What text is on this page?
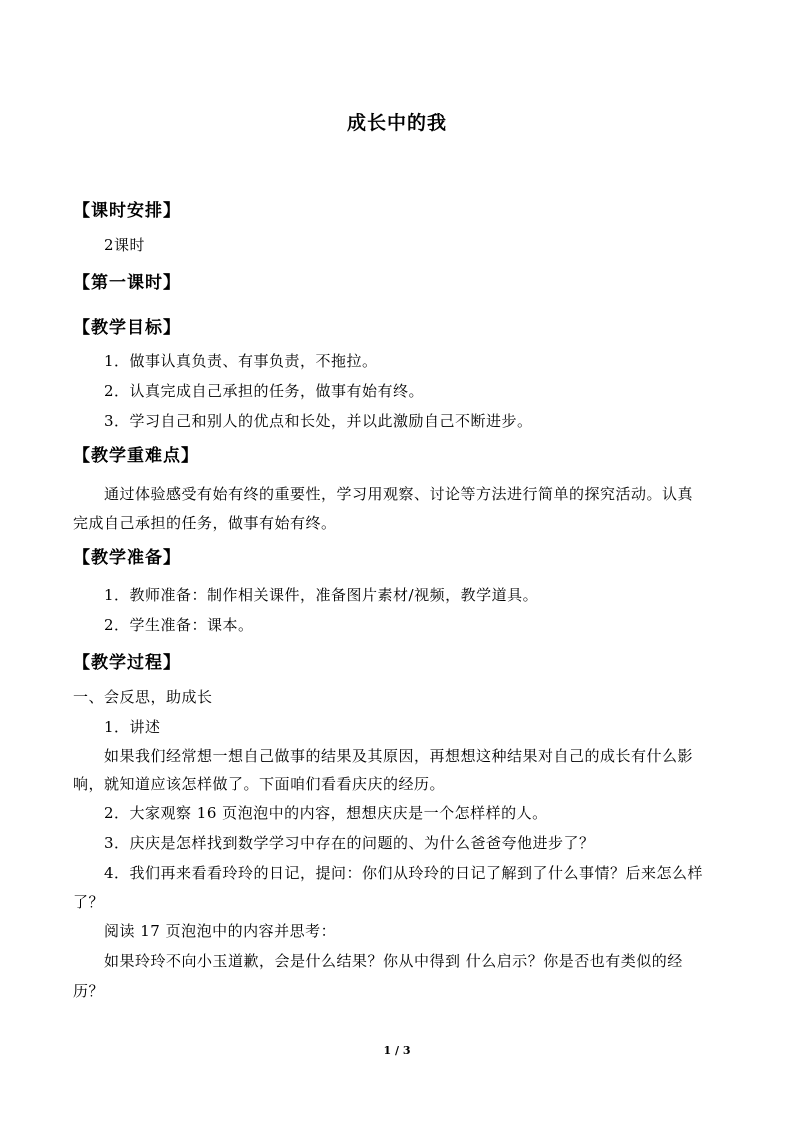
成长中的我
【课时安排】
2课时
【第一课时】
【教学目标】
1．做事认真负责、有事负责，不拖拉。
2．认真完成自己承担的任务，做事有始有终。
3．学习自己和别人的优点和长处，并以此激励自己不断进步。
【教学重难点】
通过体验感受有始有终的重要性，学习用观察、讨论等方法进行简单的探究活动。认真
完成自己承担的任务，做事有始有终。
【教学准备】
1．教师准备：制作相关课件，准备图片素材/视频，教学道具。
2．学生准备：课本。
【教学过程】
一、会反思，助成长
1．讲述
如果我们经常想一想自己做事的结果及其原因，再想想这种结果对自己的成长有什么影
响，就知道应该怎样做了。下面咱们看看庆庆的经历。
2．大家观察 16 页泡泡中的内容，想想庆庆是一个怎样样的人。
3．庆庆是怎样找到数学学习中存在的问题的、为什么爸爸夸他进步了？
4．我们再来看看玲玲的日记，提问：你们从玲玲的日记了解到了什么事情？后来怎么样
了？
阅读 17 页泡泡中的内容并思考：
如果玲玲不向小玉道歉，会是什么结果？你从中得到 什么启示？你是否也有类似的经
历？
1 / 3
